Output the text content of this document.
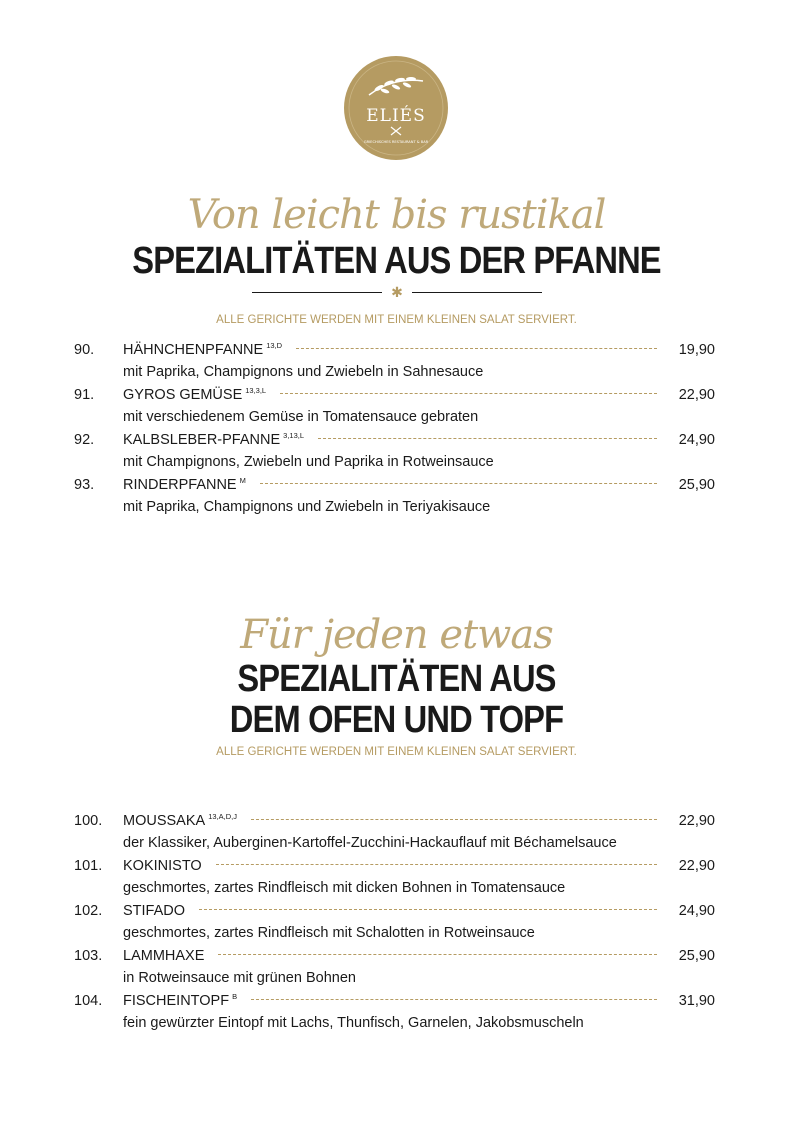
ELIÉS
GRIECHISCHES RESTAURANT & BAR
Von leicht bis rustikal
SPEZIALITÄTEN AUS DER PFANNE
✱
ALLE GERICHTE WERDEN MIT EINEM KLEINEN SALAT SERVIERT.
90. HÄHNCHENPFANNE $^{13,D}$	19,90
mit Paprika, Champignons und Zwiebeln in Sahnesauce
91. GYROS GEMÜSE $^{13,3,L}$	22,90
mit verschiedenem Gemüse in Tomatensauce gebraten
92. KALBSLEBER-PFANNE $^{3,13,L}$	24,90
mit Champignons, Zwiebeln und Paprika in Rotweinsauce
93. RINDERPFANNE $^M$	25,90
mit Paprika, Champignons und Zwiebeln in Teriyakisauce
Für jeden etwas
SPEZIALITÄTEN AUS
DEM OFEN UND TOPF
ALLE GERICHTE WERDEN MIT EINEM KLEINEN SALAT SERVIERT.
100. MOUSSAKA $^{13,A,D,J}$	22,90
der Klassiker, Auberginen-Kartoffel-Zucchini-Hackauflauf mit Béchamelsauce
101. KOKINISTO	22,90
geschmortes, zartes Rindfleisch mit dicken Bohnen in Tomatensauce
102. STIFADO	24,90
geschmortes, zartes Rindfleisch mit Schalotten in Rotweinsauce
103. LAMMHAXE	25,90
in Rotweinsauce mit grünen Bohnen
104. FISCHEINTOPF $^B$	31,90
fein gewürzter Eintopf mit Lachs, Thunfisch, Garnelen, Jakobsmuscheln
